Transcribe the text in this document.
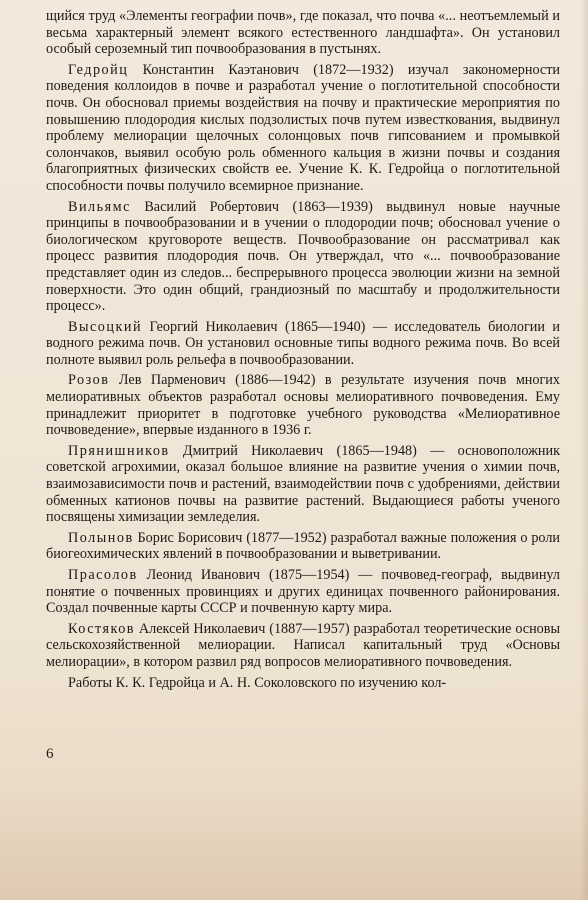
щийся труд «Элементы географии почв», где показал, что почва «... неотъемлемый и весьма характерный элемент всякого естественного ландшафта». Он установил особый сероземный тип почвообразования в пустынях.

Гедройц Константин Каэтанович (1872—1932) изучал закономерности поведения коллоидов в почве и разработал учение о поглотительной способности почв. Он обосновал приемы воздействия на почву и практические мероприятия по повышению плодородия кислых подзолистых почв путем известкования, выдвинул проблему мелиорации щелочных солонцовых почв гипсованием и промывкой солончаков, выявил особую роль обменного кальция в жизни почвы и создания благоприятных физических свойств ее. Учение К. К. Гедройца о поглотительной способности почвы получило всемирное признание.

Вильямс Василий Робертович (1863—1939) выдвинул новые научные принципы в почвообразовании и в учении о плодородии почв; обосновал учение о биологическом круговороте веществ. Почвообразование он рассматривал как процесс развития плодородия почв. Он утверждал, что «... почвообразование представляет один из следов... беспрерывного процесса эволюции жизни на земной поверхности. Это один общий, грандиозный по масштабу и продолжительности процесс».

Высоцкий Георгий Николаевич (1865—1940) — исследователь биологии и водного режима почв. Он установил основные типы водного режима почв. Во всей полноте выявил роль рельефа в почвообразовании.

Розов Лев Парменович (1886—1942) в результате изучения почв многих мелиоративных объектов разработал основы мелиоративного почвоведения. Ему принадлежит приоритет в подготовке учебного руководства «Мелиоративное почвоведение», впервые изданного в 1936 г.

Прянишников Дмитрий Николаевич (1865—1948) — основоположник советской агрохимии, оказал большое влияние на развитие учения о химии почв, взаимозависимости почв и растений, взаимодействии почв с удобрениями, действии обменных катионов почвы на развитие растений. Выдающиеся работы ученого посвящены химизации земледелия.

Полынов Борис Борисович (1877—1952) разработал важные положения о роли биогеохимических явлений в почвообразовании и выветривании.

Прасолов Леонид Иванович (1875—1954) — почвовед-географ, выдвинул понятие о почвенных провинциях и других единицах почвенного районирования. Создал почвенные карты СССР и почвенную карту мира.

Костяков Алексей Николаевич (1887—1957) разработал теоретические основы сельскохозяйственной мелиорации. Написал капитальный труд «Основы мелиорации», в котором развил ряд вопросов мелиоративного почвоведения.

Работы К. К. Гедройца и А. Н. Соколовского по изучению кол-

6
